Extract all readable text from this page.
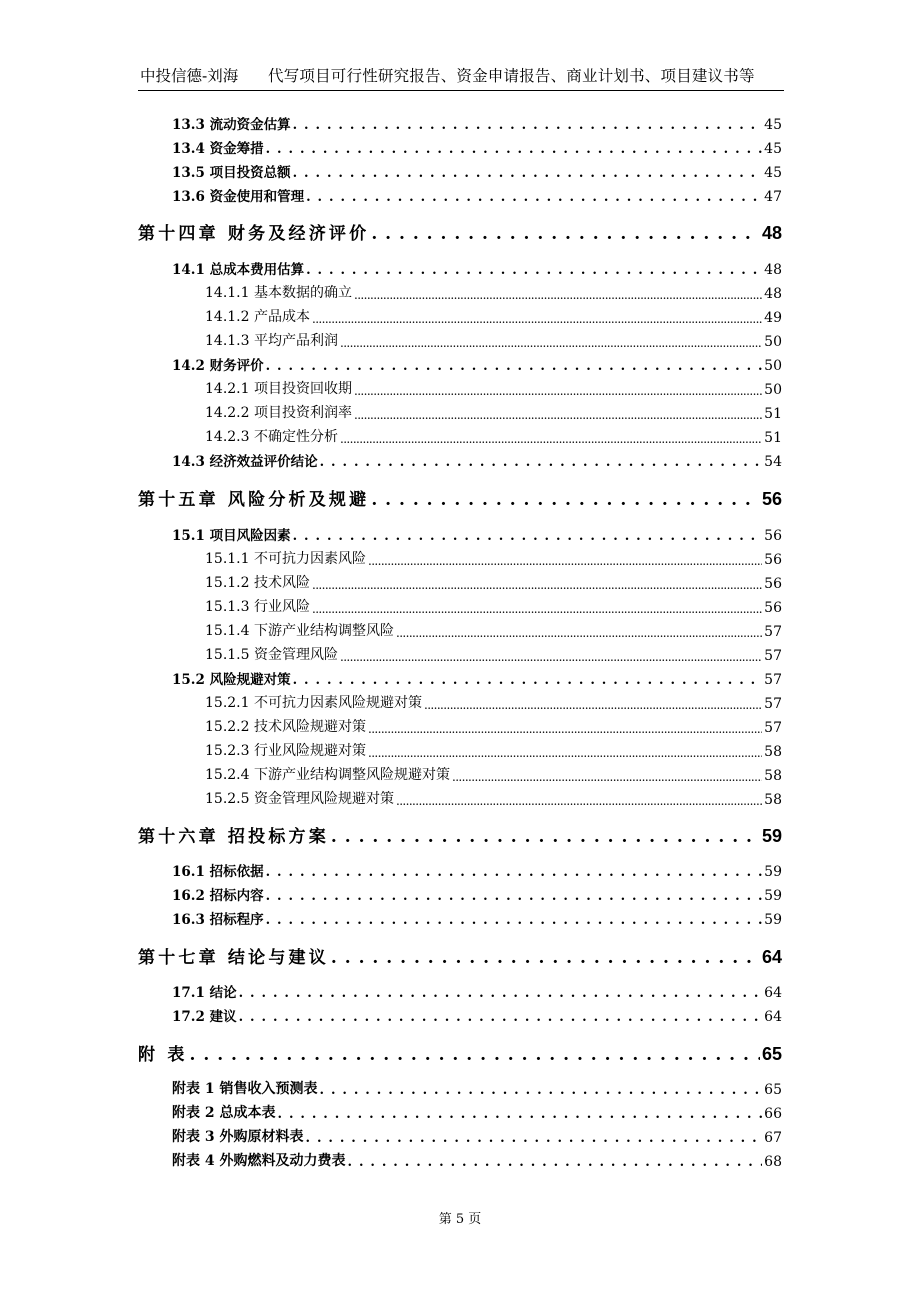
中投信德-刘海 代写项目可行性研究报告、资金申请报告、商业计划书、项目建议书等
13.3 流动资金估算 . . .	45
13.4 资金筹措 . . .	45
13.5 项目投资总额 . . .	45
13.6 资金使用和管理 . . .	47
第十四章 财务及经济评价 . . .	48
14.1 总成本费用估算 . . .	48
14.1.1 基本数据的确立 .....	48
14.1.2 产品成本 .....	49
14.1.3 平均产品利润 .....	50
14.2 财务评价 . . .	50
14.2.1 项目投资回收期 .....	50
14.2.2 项目投资利润率 .....	51
14.2.3 不确定性分析 .....	51
14.3 经济效益评价结论 . . .	54
第十五章 风险分析及规避 . . .	56
15.1 项目风险因素 . . .	56
15.1.1 不可抗力因素风险 .....	56
15.1.2 技术风险 .....	56
15.1.3 行业风险 .....	56
15.1.4 下游产业结构调整风险 .....	57
15.1.5 资金管理风险 .....	57
15.2 风险规避对策 . . .	57
15.2.1 不可抗力因素风险规避对策 .....	57
15.2.2 技术风险规避对策 .....	57
15.2.3 行业风险规避对策 .....	58
15.2.4 下游产业结构调整风险规避对策 .....	58
15.2.5 资金管理风险规避对策 .....	58
第十六章 招投标方案 . . .	59
16.1 招标依据 . . .	59
16.2 招标内容 . . .	59
16.3 招标程序 . . .	59
第十七章 结论与建议 . . .	64
17.1 结论 . . .	64
17.2 建议 . . .	64
附 表 . . .	65
附表 1 销售收入预测表 . . .	65
附表 2 总成本表 . . .	66
附表 3 外购原材料表 . . .	67
附表 4 外购燃料及动力费表 . . .	68
第 5 页
